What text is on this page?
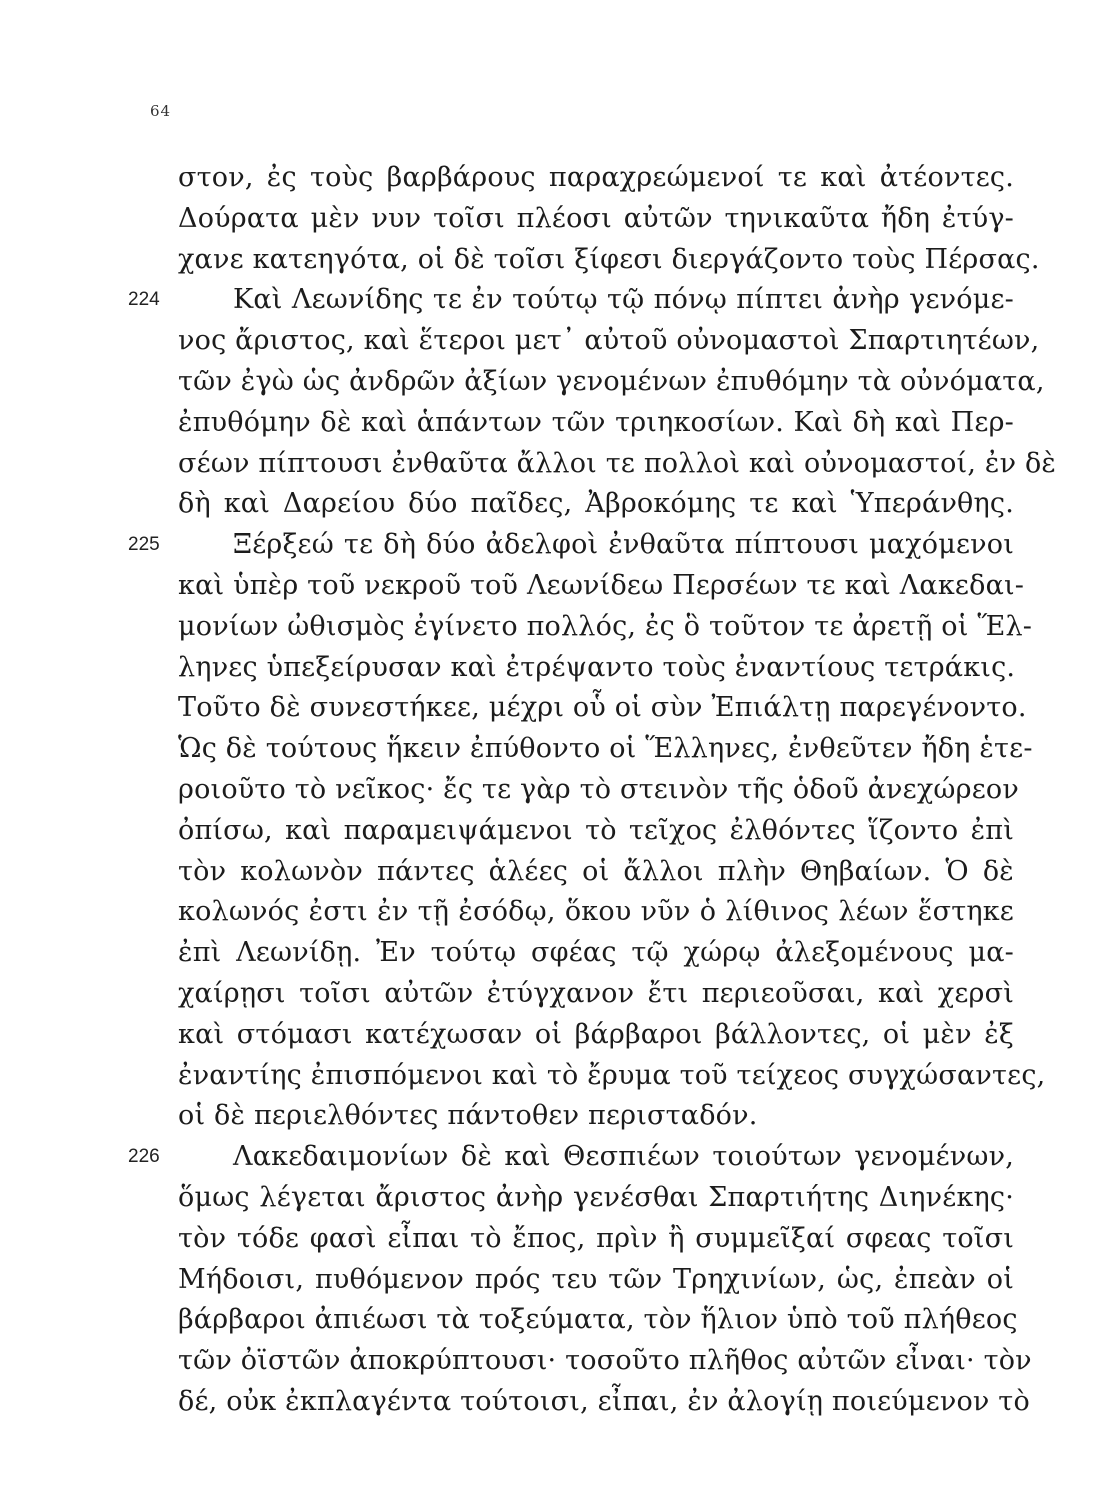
64
στον, ἐς τοὺς βαρβάρους παραχρεώμενοί τε καὶ ἀτέοντες.
Δούρατα μὲν νυν τοῖσι πλέοσι αὐτῶν τηνικαῦτα ἤδη ἐτύγ-
χανε κατεηγότα, οἱ δὲ τοῖσι ξίφεσι διεργάζοντο τοὺς Πέρσας.
224	Καὶ Λεωνίδης τε ἐν τούτῳ τῷ πόνῳ πίπτει ἀνὴρ γενόμε-
νος ἄριστος, καὶ ἕτεροι μετ᾽ αὐτοῦ οὐνομαστοὶ Σπαρτιητέων,
τῶν ἐγὼ ὡς ἀνδρῶν ἀξίων γενομένων ἐπυθόμην τὰ οὐνόματα,
ἐπυθόμην δὲ καὶ ἁπάντων τῶν τριηκοσίων. Καὶ δὴ καὶ Περ-
σέων πίπτουσι ἐνθαῦτα ἄλλοι τε πολλοὶ καὶ οὐνομαστοί, ἐν δὲ
δὴ καὶ Δαρείου δύο παῖδες, Ἀβροκόμης τε καὶ Ὑπεράνθης.
225	Ξέρξεώ τε δὴ δύο ἀδελφοὶ ἐνθαῦτα πίπτουσι μαχόμενοι
καὶ ὑπὲρ τοῦ νεκροῦ τοῦ Λεωνίδεω Περσέων τε καὶ Λακεδαι-
μονίων ὠθισμὸς ἐγίνετο πολλός, ἐς ὃ τοῦτον τε ἀρετῇ οἱ Ἕλ-
ληνες ὑπεξείρυσαν καὶ ἐτρέψαντο τοὺς ἐναντίους τετράκις.
Τοῦτο δὲ συνεστήκεε, μέχρι οὗ οἱ σὺν Ἐπιάλτῃ παρεγένοντο.
Ὡς δὲ τούτους ἥκειν ἐπύθοντο οἱ Ἕλληνες, ἐνθεῦτεν ἤδη ἑτε-
ροιοῦτο τὸ νεῖκος· ἔς τε γὰρ τὸ στεινὸν τῆς ὁδοῦ ἀνεχώρεον
ὀπίσω, καὶ παραμειψάμενοι τὸ τεῖχος ἐλθόντες ἵζοντο ἐπὶ
τὸν κολωνὸν πάντες ἁλέες οἱ ἄλλοι πλὴν Θηβαίων. Ὁ δὲ
κολωνός ἐστι ἐν τῇ ἐσόδῳ, ὅκου νῦν ὁ λίθινος λέων ἕστηκε
ἐπὶ Λεωνίδῃ. Ἐν τούτῳ σφέας τῷ χώρῳ ἀλεξομένους μα-
χαίρῃσι τοῖσι αὐτῶν ἐτύγχανον ἔτι περιεοῦσαι, καὶ χερσὶ
καὶ στόμασι κατέχωσαν οἱ βάρβαροι βάλλοντες, οἱ μὲν ἐξ
ἐναντίης ἐπισπόμενοι καὶ τὸ ἔρυμα τοῦ τείχεος συγχώσαντες,
οἱ δὲ περιελθόντες πάντοθεν περισταδόν.
226	Λακεδαιμονίων δὲ καὶ Θεσπιέων τοιούτων γενομένων,
ὅμως λέγεται ἄριστος ἀνὴρ γενέσθαι Σπαρτιήτης Διηνέκης·
τὸν τόδε φασὶ εἶπαι τὸ ἔπος, πρὶν ἢ συμμεῖξαί σφεας τοῖσι
Μήδοισι, πυθόμενον πρός τευ τῶν Τρηχινίων, ὡς, ἐπεὰν οἱ
βάρβαροι ἀπιέωσι τὰ τοξεύματα, τὸν ἥλιον ὑπὸ τοῦ πλήθεος
τῶν ὀϊστῶν ἀποκρύπτουσι· τοσοῦτο πλῆθος αὐτῶν εἶναι· τὸν
δέ, οὐκ ἐκπλαγέντα τούτοισι, εἶπαι, ἐν ἀλογίῃ ποιεύμενον τὸ
